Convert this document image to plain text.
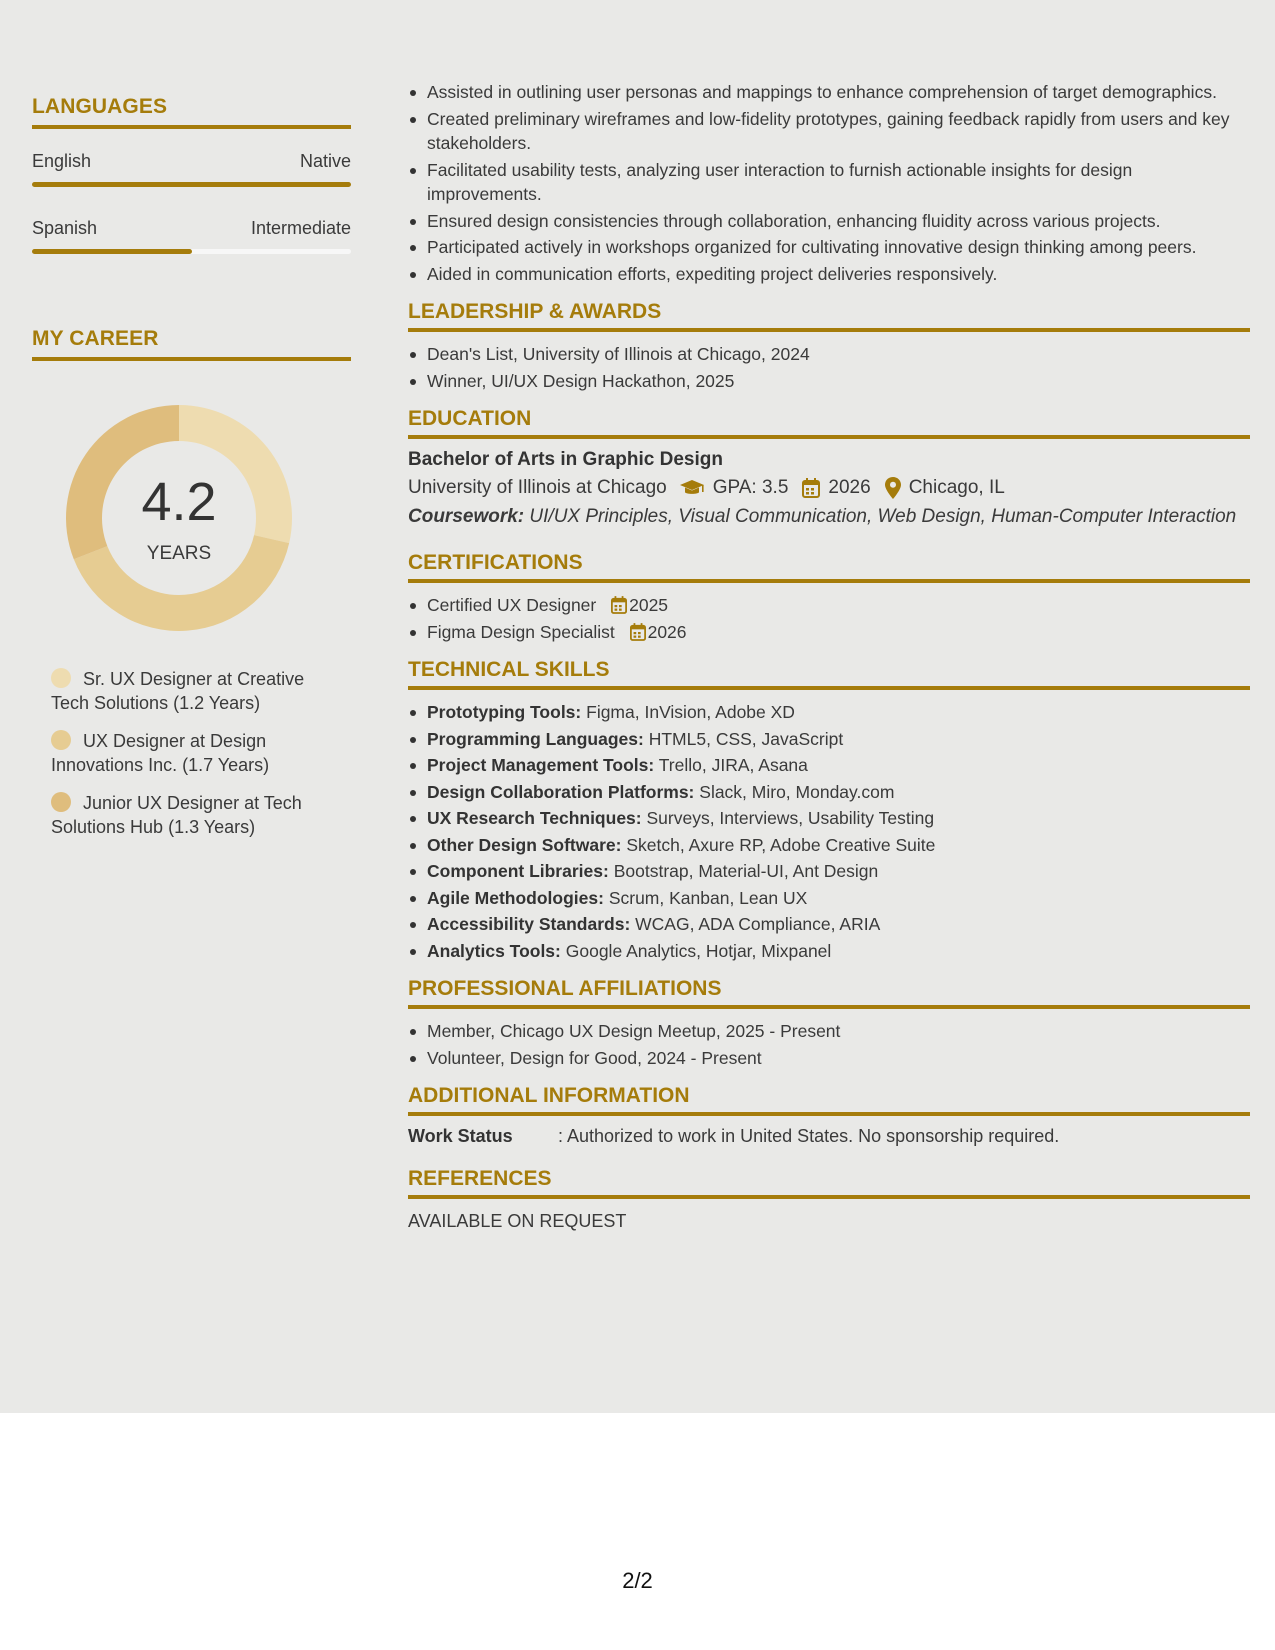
LANGUAGES
English	Native
Spanish	Intermediate
MY CAREER
4.2
YEARS
Sr. UX Designer at Creative Tech Solutions (1.2 Years)
UX Designer at Design Innovations Inc. (1.7 Years)
Junior UX Designer at Tech Solutions Hub (1.3 Years)
Assisted in outlining user personas and mappings to enhance comprehension of target demographics.
Created preliminary wireframes and low-fidelity prototypes, gaining feedback rapidly from users and key stakeholders.
Facilitated usability tests, analyzing user interaction to furnish actionable insights for design improvements.
Ensured design consistencies through collaboration, enhancing fluidity across various projects.
Participated actively in workshops organized for cultivating innovative design thinking among peers.
Aided in communication efforts, expediting project deliveries responsively.
LEADERSHIP & AWARDS
Dean's List, University of Illinois at Chicago, 2024
Winner, UI/UX Design Hackathon, 2025
EDUCATION
Bachelor of Arts in Graphic Design
University of Illinois at Chicago GPA: 3.5 2026 Chicago, IL
Coursework: UI/UX Principles, Visual Communication, Web Design, Human-Computer Interaction
CERTIFICATIONS
Certified UX Designer 2025
Figma Design Specialist 2026
TECHNICAL SKILLS
Prototyping Tools: Figma, InVision, Adobe XD
Programming Languages: HTML5, CSS, JavaScript
Project Management Tools: Trello, JIRA, Asana
Design Collaboration Platforms: Slack, Miro, Monday.com
UX Research Techniques: Surveys, Interviews, Usability Testing
Other Design Software: Sketch, Axure RP, Adobe Creative Suite
Component Libraries: Bootstrap, Material-UI, Ant Design
Agile Methodologies: Scrum, Kanban, Lean UX
Accessibility Standards: WCAG, ADA Compliance, ARIA
Analytics Tools: Google Analytics, Hotjar, Mixpanel
PROFESSIONAL AFFILIATIONS
Member, Chicago UX Design Meetup, 2025 - Present
Volunteer, Design for Good, 2024 - Present
ADDITIONAL INFORMATION
Work Status	: Authorized to work in United States. No sponsorship required.
REFERENCES
AVAILABLE ON REQUEST
2/2
